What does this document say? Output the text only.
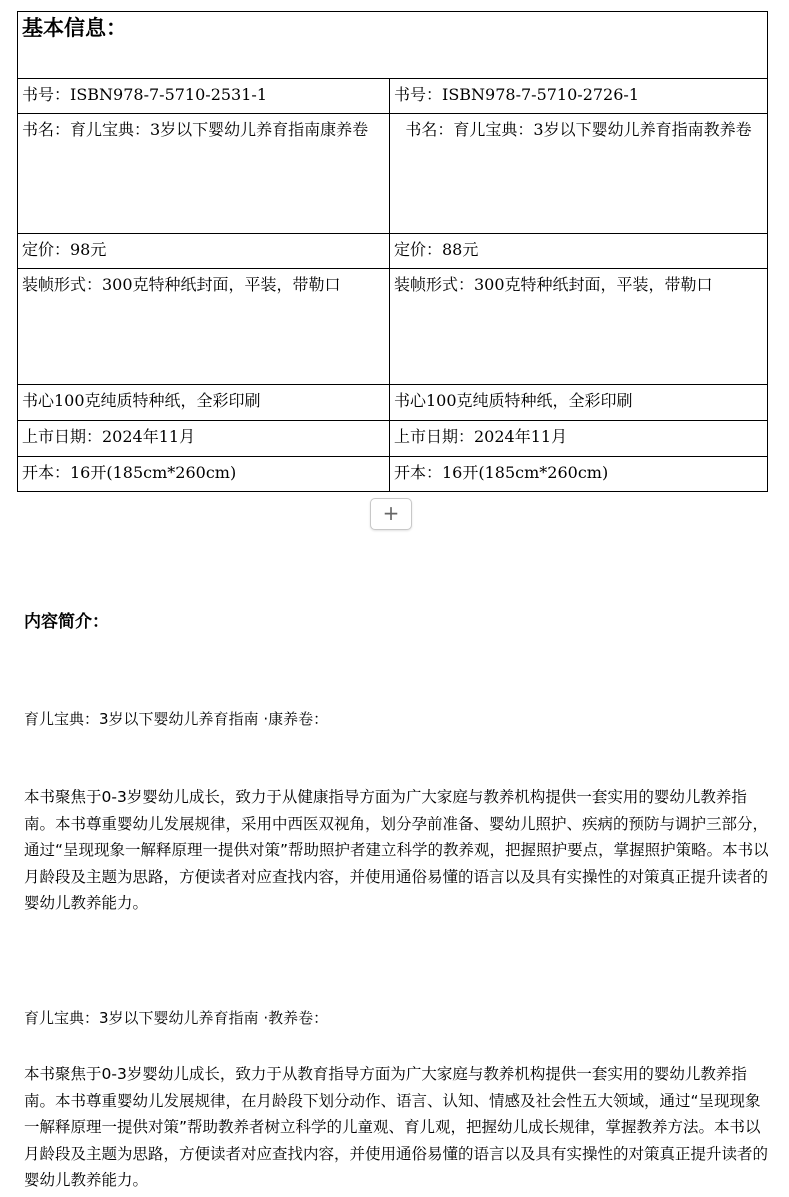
基本信息：	
书号：ISBN978-7-5710-2531-1	书号：ISBN978-7-5710-2726-1
书名：育儿宝典：3岁以下婴幼儿养育指南康养卷	书名：育儿宝典：3岁以下婴幼儿养育指南教养卷
定价：98元	定价：88元
装帧形式：300克特种纸封面，平装，带勒口	装帧形式：300克特种纸封面，平装，带勒口
书心100克纯质特种纸，全彩印刷	书心100克纯质特种纸，全彩印刷
上市日期：2024年11月	上市日期：2024年11月
开本：16开(185cm*260cm)	开本：16开(185cm*260cm)
+
内容简介：
育儿宝典：3岁以下婴幼儿养育指南 ·康养卷：
本书聚焦于0-3岁婴幼儿成长，致力于从健康指导方面为广大家庭与教养机构提供一套实用的婴幼儿教养指南。本书尊重婴幼儿发展规律，采用中西医双视角，划分孕前准备、婴幼儿照护、疾病的预防与调护三部分，通过“呈现现象一解释原理一提供对策”帮助照护者建立科学的教养观，把握照护要点，掌握照护策略。本书以月龄段及主题为思路，方便读者对应查找内容，并使用通俗易懂的语言以及具有实操性的对策真正提升读者的婴幼儿教养能力。
育儿宝典：3岁以下婴幼儿养育指南 ·教养卷：
本书聚焦于0-3岁婴幼儿成长，致力于从教育指导方面为广大家庭与教养机构提供一套实用的婴幼儿教养指南。本书尊重婴幼儿发展规律，在月龄段下划分动作、语言、认知、情感及社会性五大领域，通过“呈现现象一解释原理一提供对策”帮助教养者树立科学的儿童观、育儿观，把握幼儿成长规律，掌握教养方法。本书以月龄段及主题为思路，方便读者对应查找内容，并使用通俗易懂的语言以及具有实操性的对策真正提升读者的婴幼儿教养能力。
